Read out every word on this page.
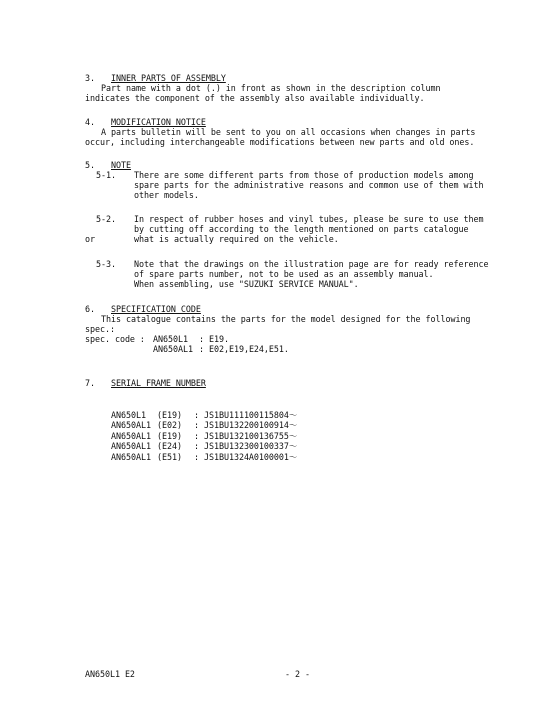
3. INNER PARTS OF ASSEMBLY
Part name with a dot (.) in front as shown in the description column
indicates the component of the assembly also available individually.
4. MODIFICATION NOTICE
A parts bulletin will be sent to you on all occasions when changes in parts
occur, including interchangeable modifications between new parts and old ones.
5. NOTE
5-1. There are some different parts from those of production models among
spare parts for the administrative reasons and common use of them with
other models.
5-2. In respect of rubber hoses and vinyl tubes, please be sure to use them
by cutting off according to the length mentioned on parts catalogue
or	what is actually required on the vehicle.
5-3. Note that the drawings on the illustration page are for ready reference
of spare parts number, not to be used as an assembly manual.
When assembling, use "SUZUKI SERVICE MANUAL".
6. SPECIFICATION CODE
This catalogue contains the parts for the model designed for the following
spec.:
spec. code : AN650L1 : E19.
AN650AL1 : E02,E19,E24,E51.
7. SERIAL FRAME NUMBER
AN650L1	(E19)	:	JS1BU111100115804～
AN650AL1	(E02)	:	JS1BU132200100914～
AN650AL1	(E19)	:	JS1BU132100136755～
AN650AL1	(E24)	:	JS1BU132300100337～
AN650AL1	(E51)	:	JS1BU1324A0100001～
AN650L1 E2	- 2 -
